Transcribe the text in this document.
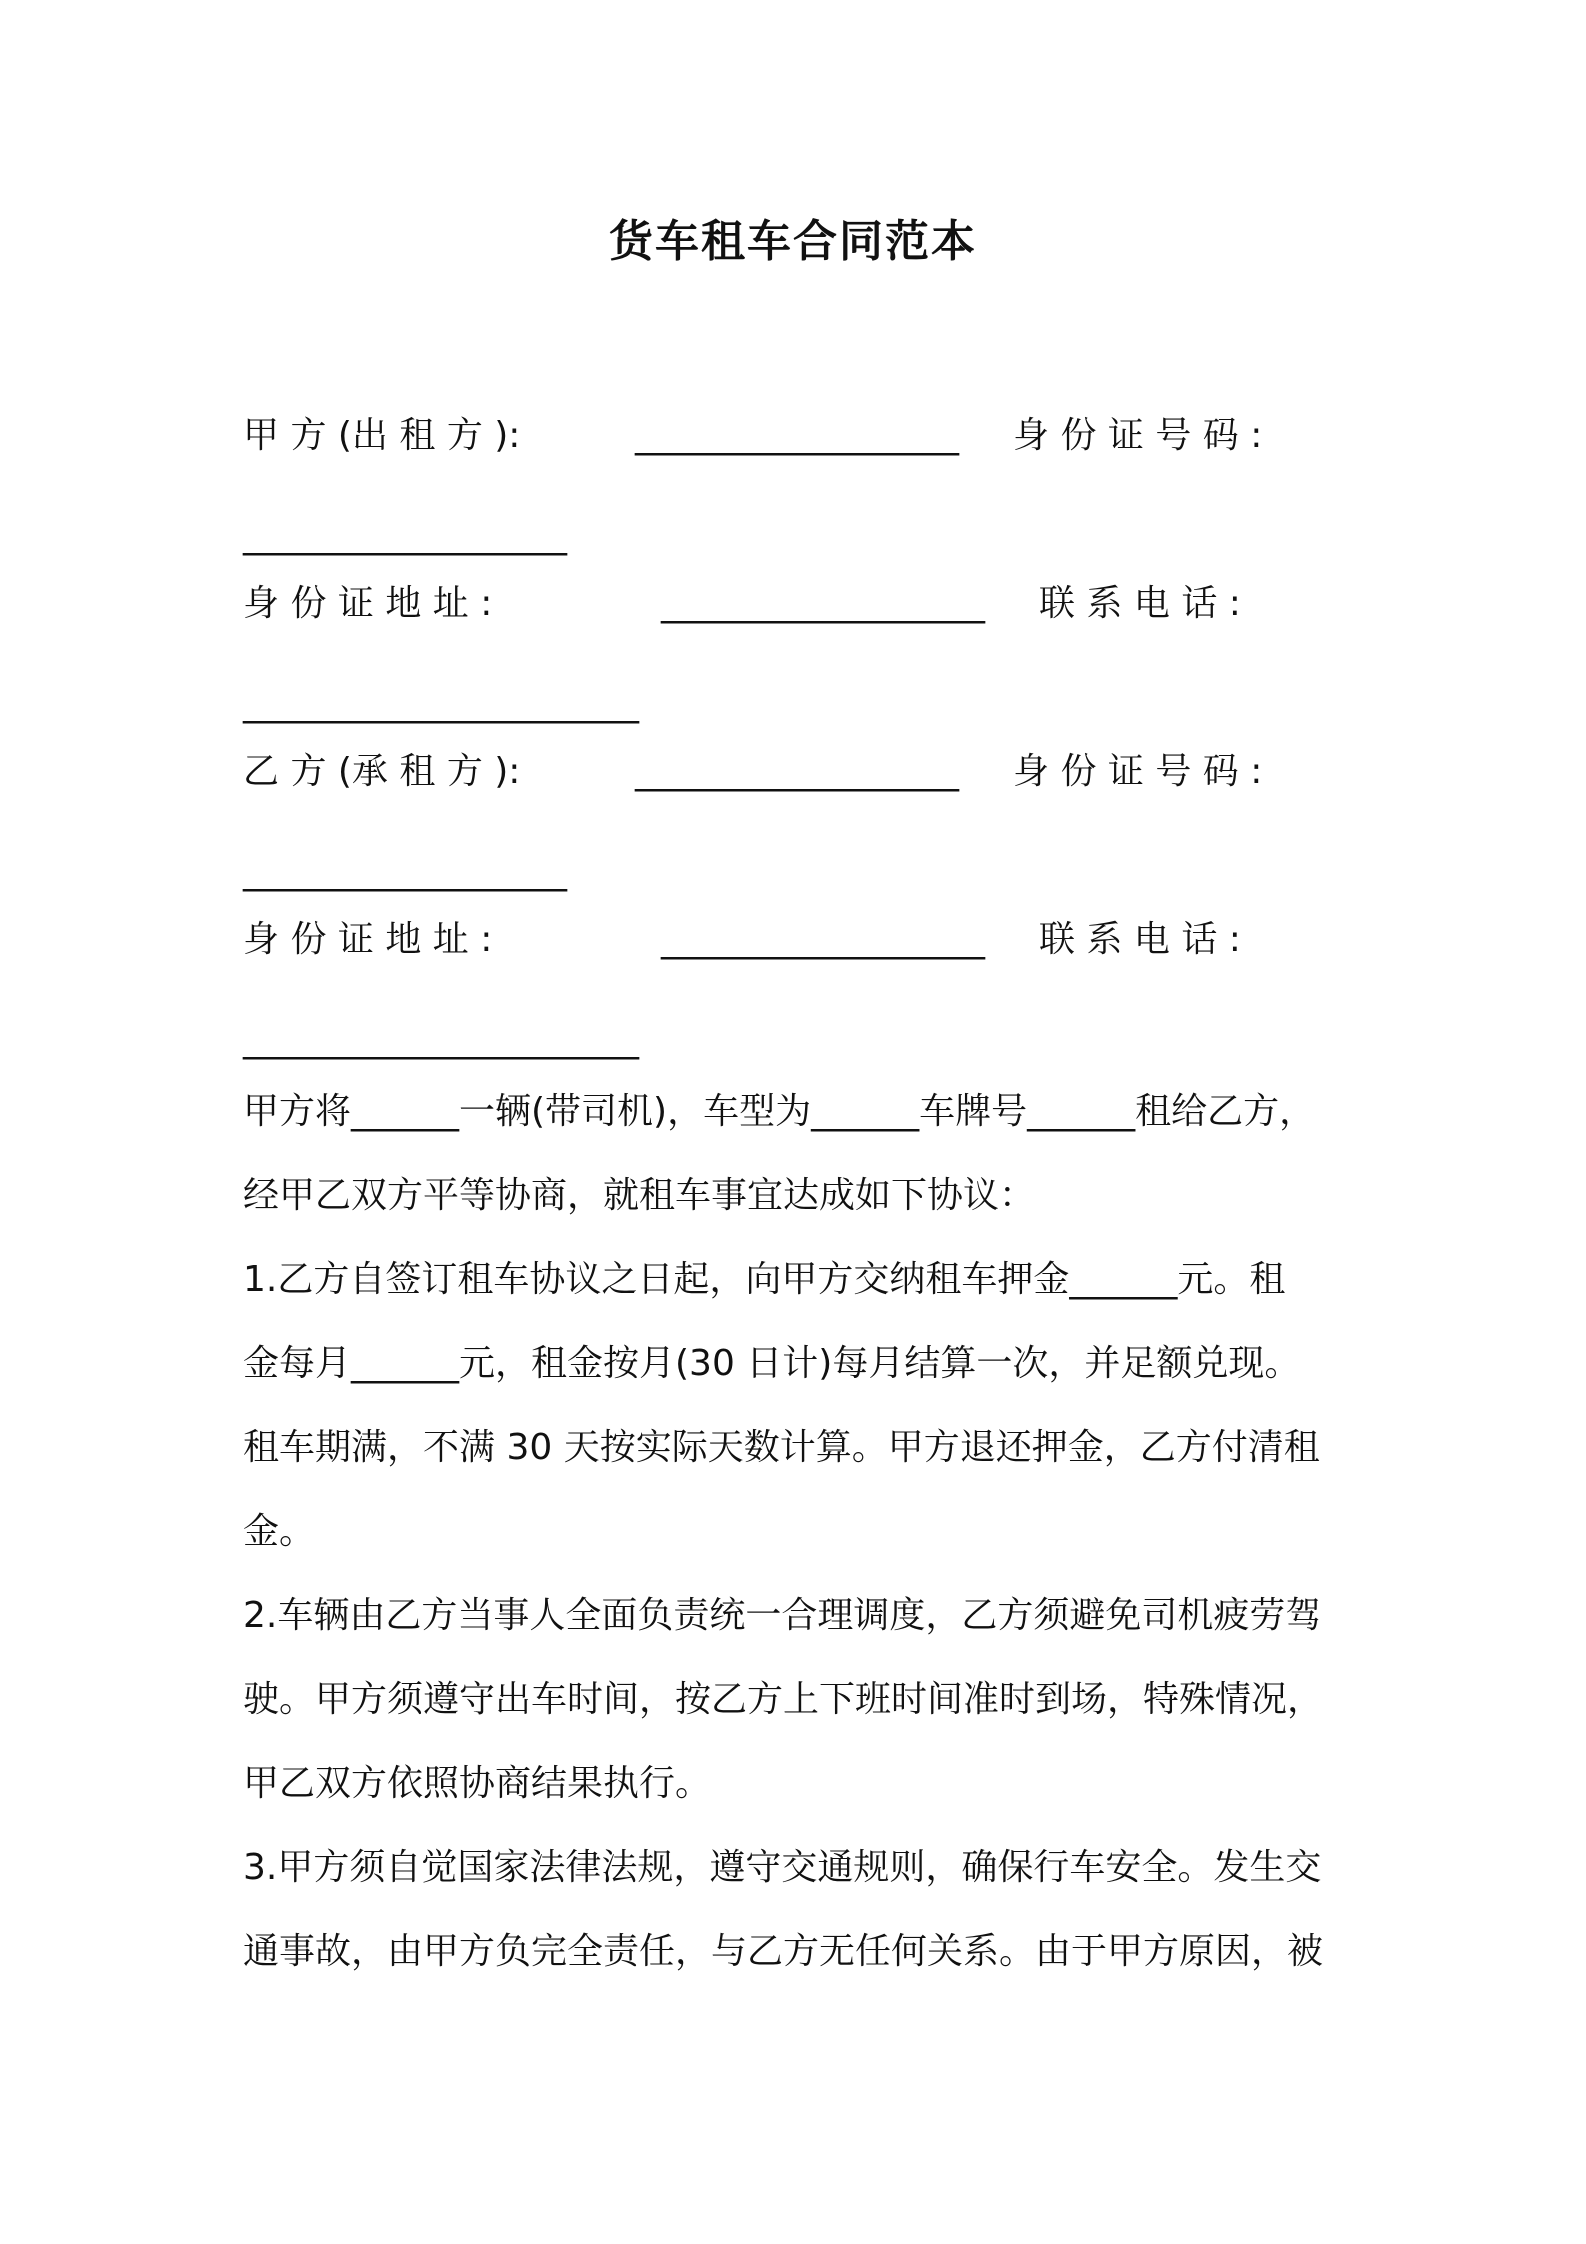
货车租车合同范本
甲 方 (出 租 方 ):	__________________ 身 份 证 号 码 :
__________________
身 份 证 地 址 :	__________________ 联 系 电 话 :
______________________
乙 方 (承 租 方 ):	__________________ 身 份 证 号 码 :
__________________
身 份 证 地 址 :	__________________ 联 系 电 话 :
______________________
甲方将______一辆(带司机)，车型为______车牌号______租给乙方，
经甲乙双方平等协商，就租车事宜达成如下协议：
1.乙方自签订租车协议之日起，向甲方交纳租车押金______元。租
金每月______元，租金按月(30 日计)每月结算一次，并足额兑现。
租车期满，不满 30 天按实际天数计算。甲方退还押金，乙方付清租
金。
2.车辆由乙方当事人全面负责统一合理调度，乙方须避免司机疲劳驾
驶。甲方须遵守出车时间，按乙方上下班时间准时到场，特殊情况，
甲乙双方依照协商结果执行。
3.甲方须自觉国家法律法规，遵守交通规则，确保行车安全。发生交
通事故，由甲方负完全责任，与乙方无任何关系。由于甲方原因，被
